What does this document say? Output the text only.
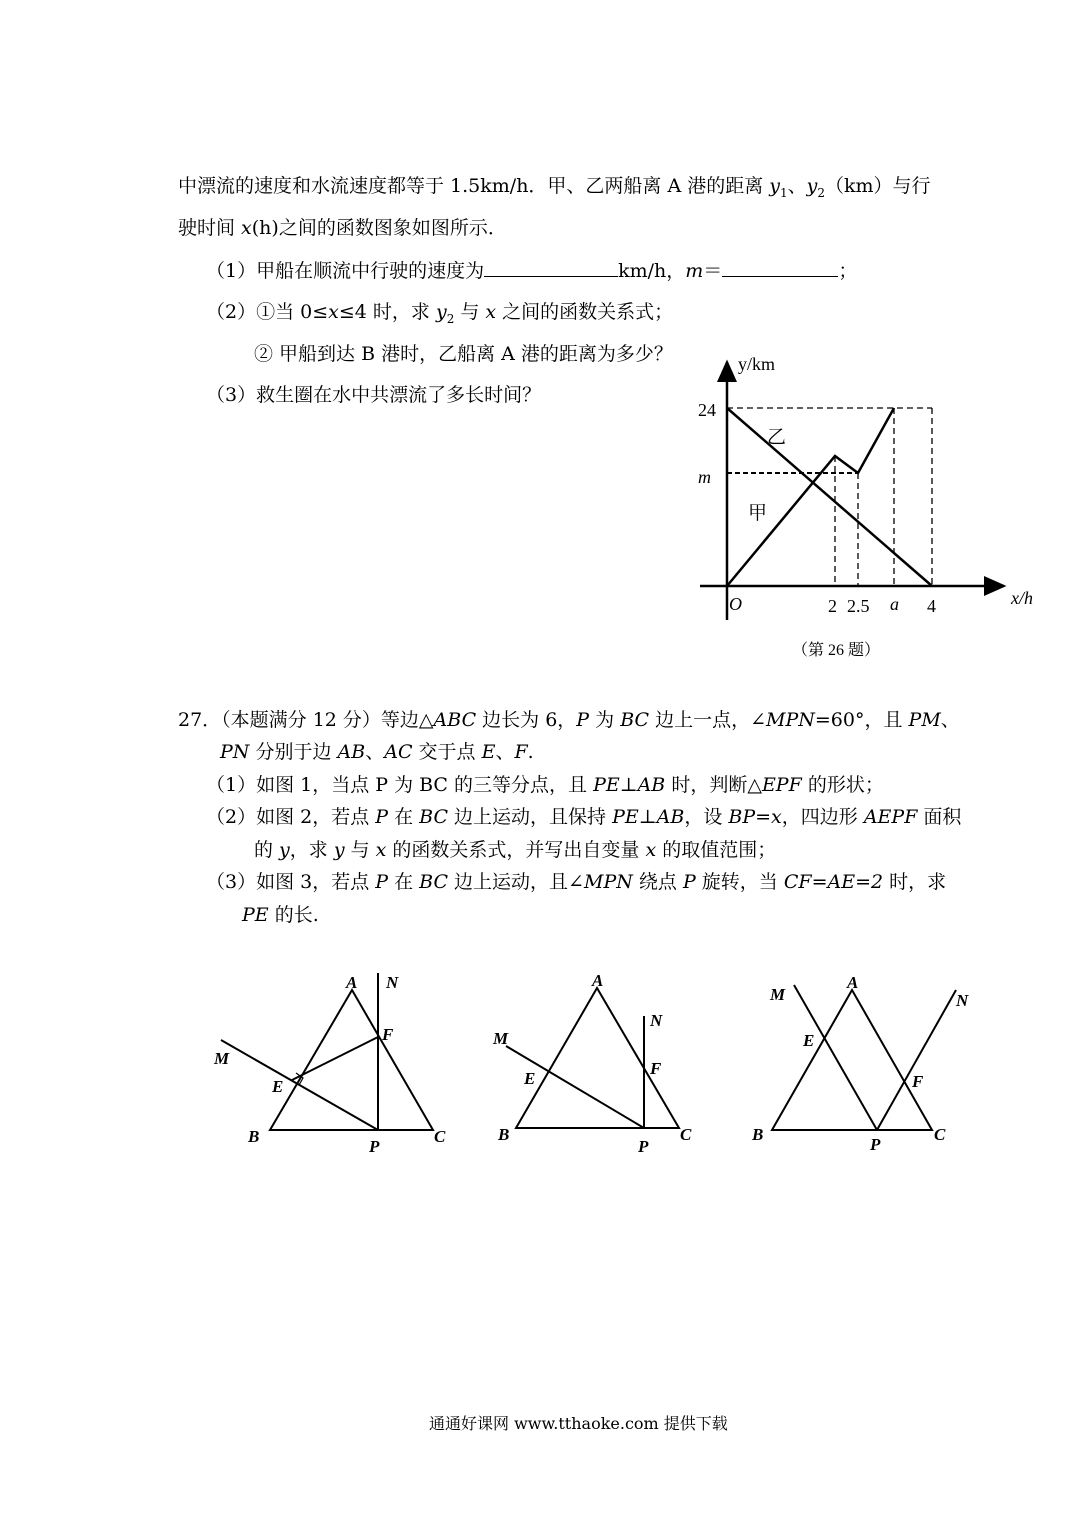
中漂流的速度和水流速度都等于 1.5km/h．甲、乙两船离 A 港的距离 $y_1$、$y_2(km)$与行
驶时间 x(h)之间的函数图象如图所示．
（1）甲船在顺流中行驶的速度为	km/h，m＝	；
（2）①当 0≤x≤4 时，求 $y_2$ 与 x 之间的函数关系式；
② 甲船到达 B 港时，乙船离 A 港的距离为多少？
（3）救生圈在水中共漂流了多长时间？
27．（本题满分 12 分）等边△ABC 边长为 6，P 为 BC 边上一点，∠MPN=60°，且 PM、
PN 分别于边 AB、AC 交于点 E、F.
（1）如图 1，当点 P 为 BC 的三等分点，且 PE⊥AB 时，判断△EPF 的形状；
（2）如图 2，若点 P 在 BC 边上运动，且保持 PE⊥AB，设 BP=x，四边形 AEPF 面积
的 y，求 y 与 x 的函数关系式，并写出自变量 x 的取值范围；
（3）如图 3，若点 P 在 BC 边上运动，且∠MPN 绕点 P 旋转，当 CF=AE=2 时，求
PE 的长.
y/km
x/h
O
24
m
2 2.5 a 4
乙
甲
（第 26 题）
A N
F
M
E
B
P
C
A
N
M
F
E
B
P
C
M
A
N
E
F
B
P
C
通通好课网 www.tthaoke.com 提供下载
